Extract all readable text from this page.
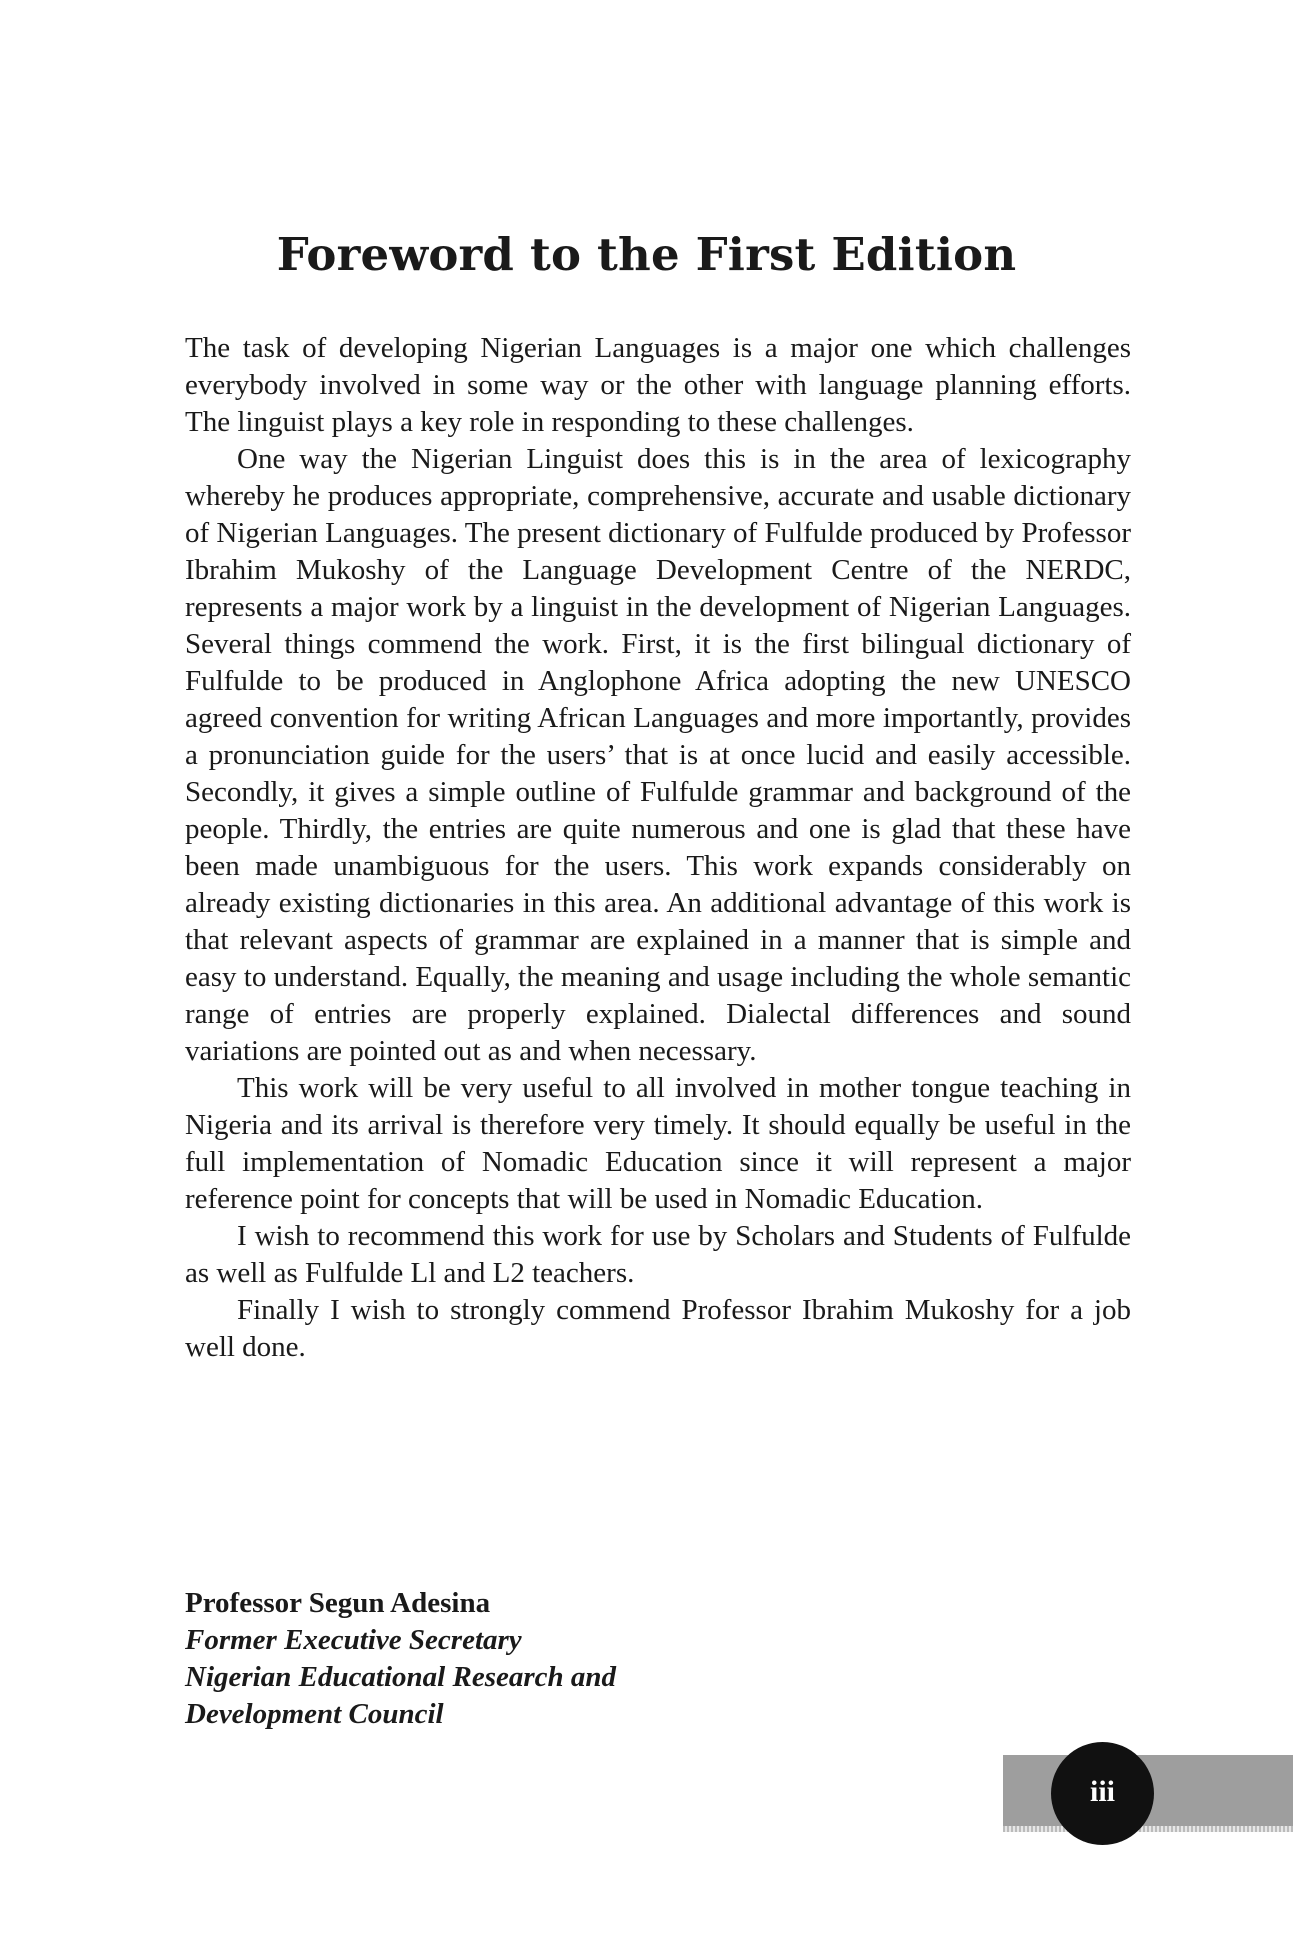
Foreword to the First Edition

The task of developing Nigerian Languages is a major one which challenges everybody involved in some way or the other with language planning efforts. The linguist plays a key role in responding to these challenges.

One way the Nigerian Linguist does this is in the area of lexicography whereby he produces appropriate, comprehensive, accurate and usable dictionary of Nigerian Languages. The present dictionary of Fulfulde produced by Professor Ibrahim Mukoshy of the Language Development Centre of the NERDC, represents a major work by a linguist in the development of Nigerian Languages. Several things commend the work. First, it is the first bilingual dictionary of Fulfulde to be produced in Anglophone Africa adopting the new UNESCO agreed convention for writing African Languages and more importantly, provides a pronunciation guide for the users’ that is at once lucid and easily accessible. Secondly, it gives a simple outline of Fulfulde grammar and background of the people. Thirdly, the entries are quite numerous and one is glad that these have been made unambiguous for the users. This work expands considerably on already existing dictionaries in this area. An additional advantage of this work is that relevant aspects of grammar are explained in a manner that is simple and easy to understand. Equally, the meaning and usage including the whole semantic range of entries are properly explained. Dialectal differences and sound variations are pointed out as and when necessary.

This work will be very useful to all involved in mother tongue teaching in Nigeria and its arrival is therefore very timely. It should equally be useful in the full implementation of Nomadic Education since it will represent a major reference point for concepts that will be used in Nomadic Education.

I wish to recommend this work for use by Scholars and Students of Fulfulde as well as Fulfulde Ll and L2 teachers.

Finally I wish to strongly commend Professor Ibrahim Mukoshy for a job well done.

Professor Segun Adesina
Former Executive Secretary
Nigerian Educational Research and
Development Council
iii
